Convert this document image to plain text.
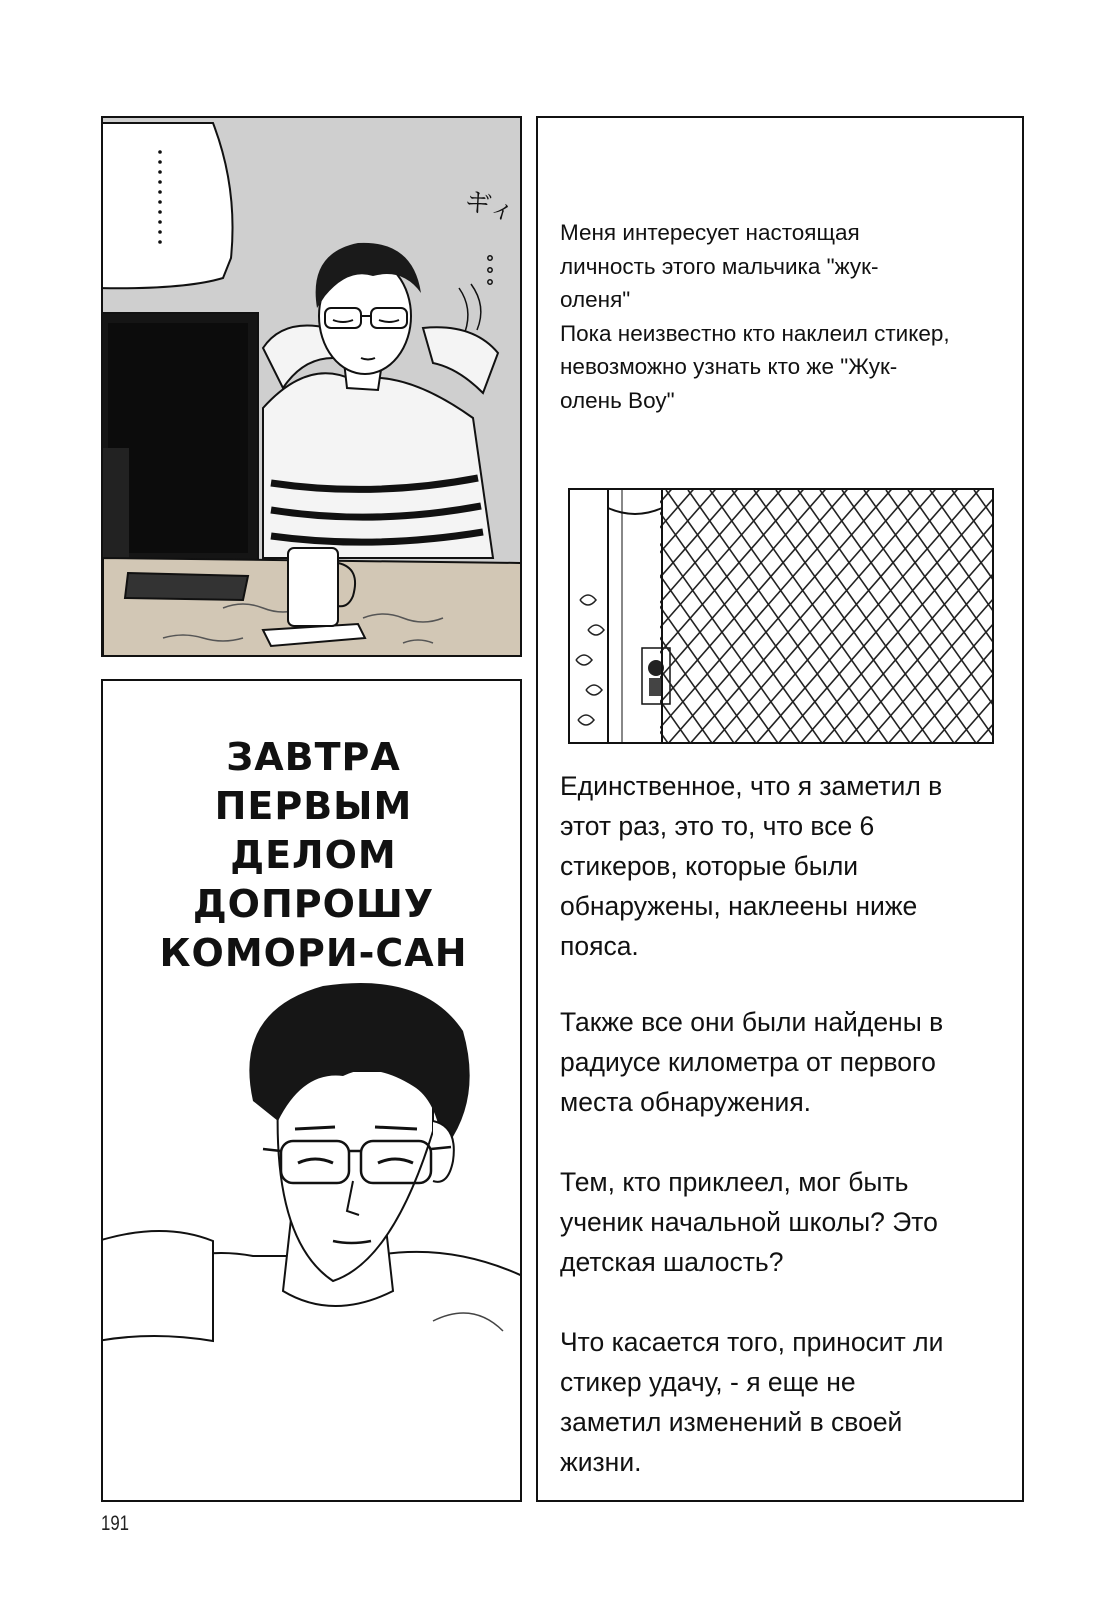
ギィ
ЗАВТРА
ПЕРВЫМ
ДЕЛОМ
ДОПРОШУ
КОМОРИ-САН
Меня интересует настоящая
личность этого мальчика "жук-
оленя"
Пока неизвестно кто наклеил стикер,
невозможно узнать кто же "Жук-
олень Воу"
Единственное, что я заметил в
этот раз, это то, что все 6
стикеров, которые были
обнаружены, наклеены ниже
пояса.
Также все они были найдены в
радиусе километра от первого
места обнаружения.
Тем, кто приклеел, мог быть
ученик начальной школы? Это
детская шалость?
Что касается того, приносит ли
стикер удачу, - я еще не
заметил изменений в своей
жизни.
191
